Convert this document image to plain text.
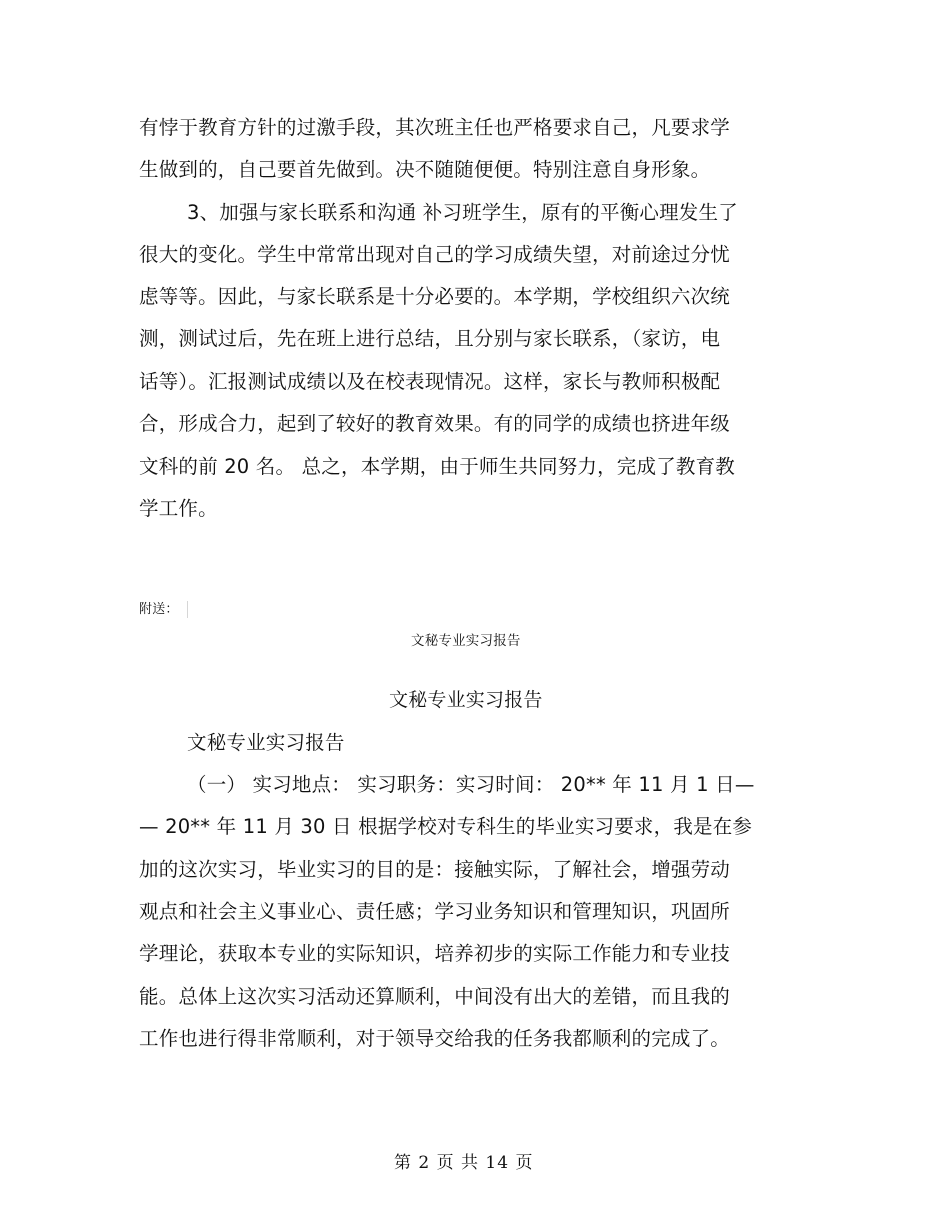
有悖于教育方针的过激手段，其次班主任也严格要求自己，凡要求学
生做到的，自己要首先做到。决不随随便便。特别注意自身形象。
3、加强与家长联系和沟通 补习班学生，原有的平衡心理发生了
很大的变化。学生中常常出现对自己的学习成绩失望，对前途过分忧
虑等等。因此，与家长联系是十分必要的。本学期，学校组织六次统
测，测试过后，先在班上进行总结，且分别与家长联系，（家访，电
话等）。汇报测试成绩以及在校表现情况。这样，家长与教师积极配
合，形成合力，起到了较好的教育效果。有的同学的成绩也挤进年级
文科的前 20 名。 总之，本学期，由于师生共同努力，完成了教育教
学工作。
附送：
文秘专业实习报告
文秘专业实习报告
文秘专业实习报告
（一） 实习地点： 实习职务：实习时间： 20** 年 11 月 1 日—
— 20** 年 11 月 30 日 根据学校对专科生的毕业实习要求，我是在参
加的这次实习，毕业实习的目的是：接触实际，了解社会，增强劳动
观点和社会主义事业心、责任感；学习业务知识和管理知识，巩固所
学理论，获取本专业的实际知识，培养初步的实际工作能力和专业技
能。总体上这次实习活动还算顺利，中间没有出大的差错，而且我的
工作也进行得非常顺利，对于领导交给我的任务我都顺利的完成了。
第 2 页 共 14 页
